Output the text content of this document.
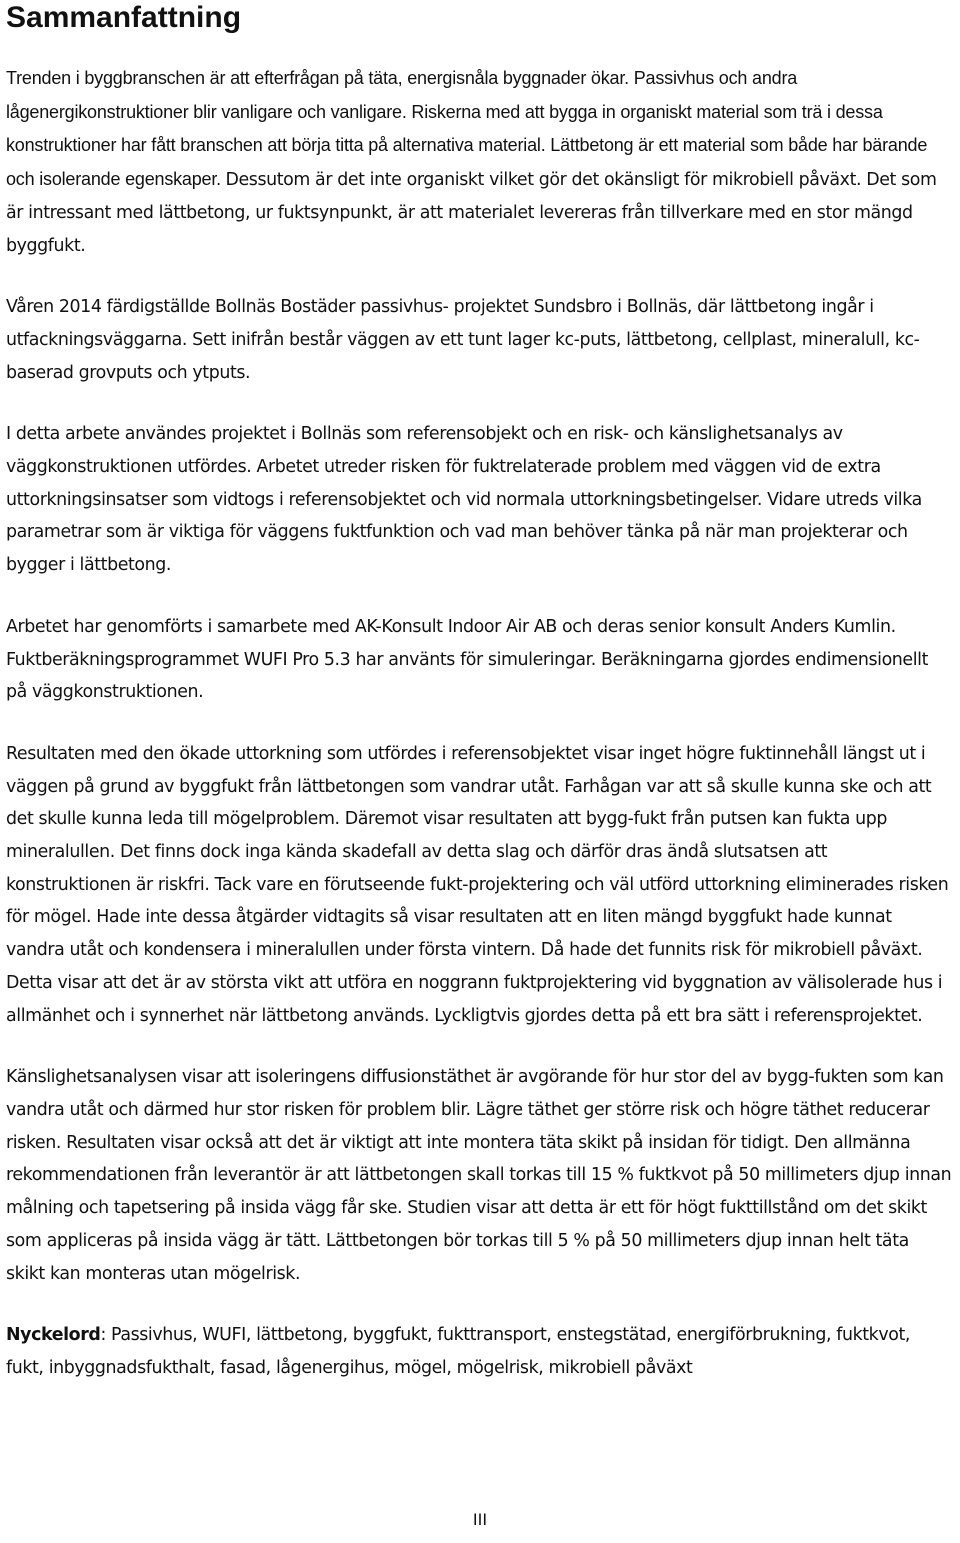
Sammanfattning

Trenden i byggbranschen är att efterfrågan på täta, energisnåla byggnader ökar. Passivhus och andra lågenergikonstruktioner blir vanligare och vanligare. Riskerna med att bygga in organiskt material som trä i dessa konstruktioner har fått branschen att börja titta på alternativa material. Lättbetong är ett material som både har bärande och isolerande egenskaper. Dessutom är det inte organiskt vilket gör det okänsligt för mikrobiell påväxt. Det som är intressant med lättbetong, ur fuktsynpunkt, är att materialet levereras från tillverkare med en stor mängd byggfukt.

Våren 2014 färdigställde Bollnäs Bostäder passivhus- projektet Sundsbro i Bollnäs, där lättbetong ingår i utfackningsväggarna. Sett inifrån består väggen av ett tunt lager kc-puts, lättbetong, cellplast, mineralull, kc-baserad grovputs och ytputs.

I detta arbete användes projektet i Bollnäs som referensobjekt och en risk- och känslighetsanalys av väggkonstruktionen utfördes. Arbetet utreder risken för fuktrelaterade problem med väggen vid de extra uttorkningsinsatser som vidtogs i referensobjektet och vid normala uttorkningsbetingelser. Vidare utreds vilka parametrar som är viktiga för väggens fuktfunktion och vad man behöver tänka på när man projekterar och bygger i lättbetong.

Arbetet har genomförts i samarbete med AK-Konsult Indoor Air AB och deras senior konsult Anders Kumlin. Fuktberäkningsprogrammet WUFI Pro 5.3 har använts för simuleringar. Beräkningarna gjordes endimensionellt på väggkonstruktionen.

Resultaten med den ökade uttorkning som utfördes i referensobjektet visar inget högre fuktinnehåll längst ut i väggen på grund av byggfukt från lättbetongen som vandrar utåt. Farhågan var att så skulle kunna ske och att det skulle kunna leda till mögelproblem. Däremot visar resultaten att bygg-fukt från putsen kan fukta upp mineralullen. Det finns dock inga kända skadefall av detta slag och därför dras ändå slutsatsen att konstruktionen är riskfri. Tack vare en förutseende fukt-projektering och väl utförd uttorkning eliminerades risken för mögel. Hade inte dessa åtgärder vidtagits så visar resultaten att en liten mängd byggfukt hade kunnat vandra utåt och kondensera i mineralullen under första vintern. Då hade det funnits risk för mikrobiell påväxt. Detta visar att det är av största vikt att utföra en noggrann fuktprojektering vid byggnation av välisolerade hus i allmänhet och i synnerhet när lättbetong används. Lyckligtvis gjordes detta på ett bra sätt i referensprojektet.

Känslighetsanalysen visar att isoleringens diffusionstäthet är avgörande för hur stor del av bygg-fukten som kan vandra utåt och därmed hur stor risken för problem blir. Lägre täthet ger större risk och högre täthet reducerar risken. Resultaten visar också att det är viktigt att inte montera täta skikt på insidan för tidigt. Den allmänna rekommendationen från leverantör är att lättbetongen skall torkas till 15 % fuktkvot på 50 millimeters djup innan målning och tapetsering på insida vägg får ske. Studien visar att detta är ett för högt fukttillstånd om det skikt som appliceras på insida vägg är tätt. Lättbetongen bör torkas till 5 % på 50 millimeters djup innan helt täta skikt kan monteras utan mögelrisk.

Nyckelord: Passivhus, WUFI, lättbetong, byggfukt, fukttransport, enstegstätad, energiförbrukning, fuktkvot, fukt, inbyggnadsfukthalt, fasad, lågenergihus, mögel, mögelrisk, mikrobiell påväxt

III
